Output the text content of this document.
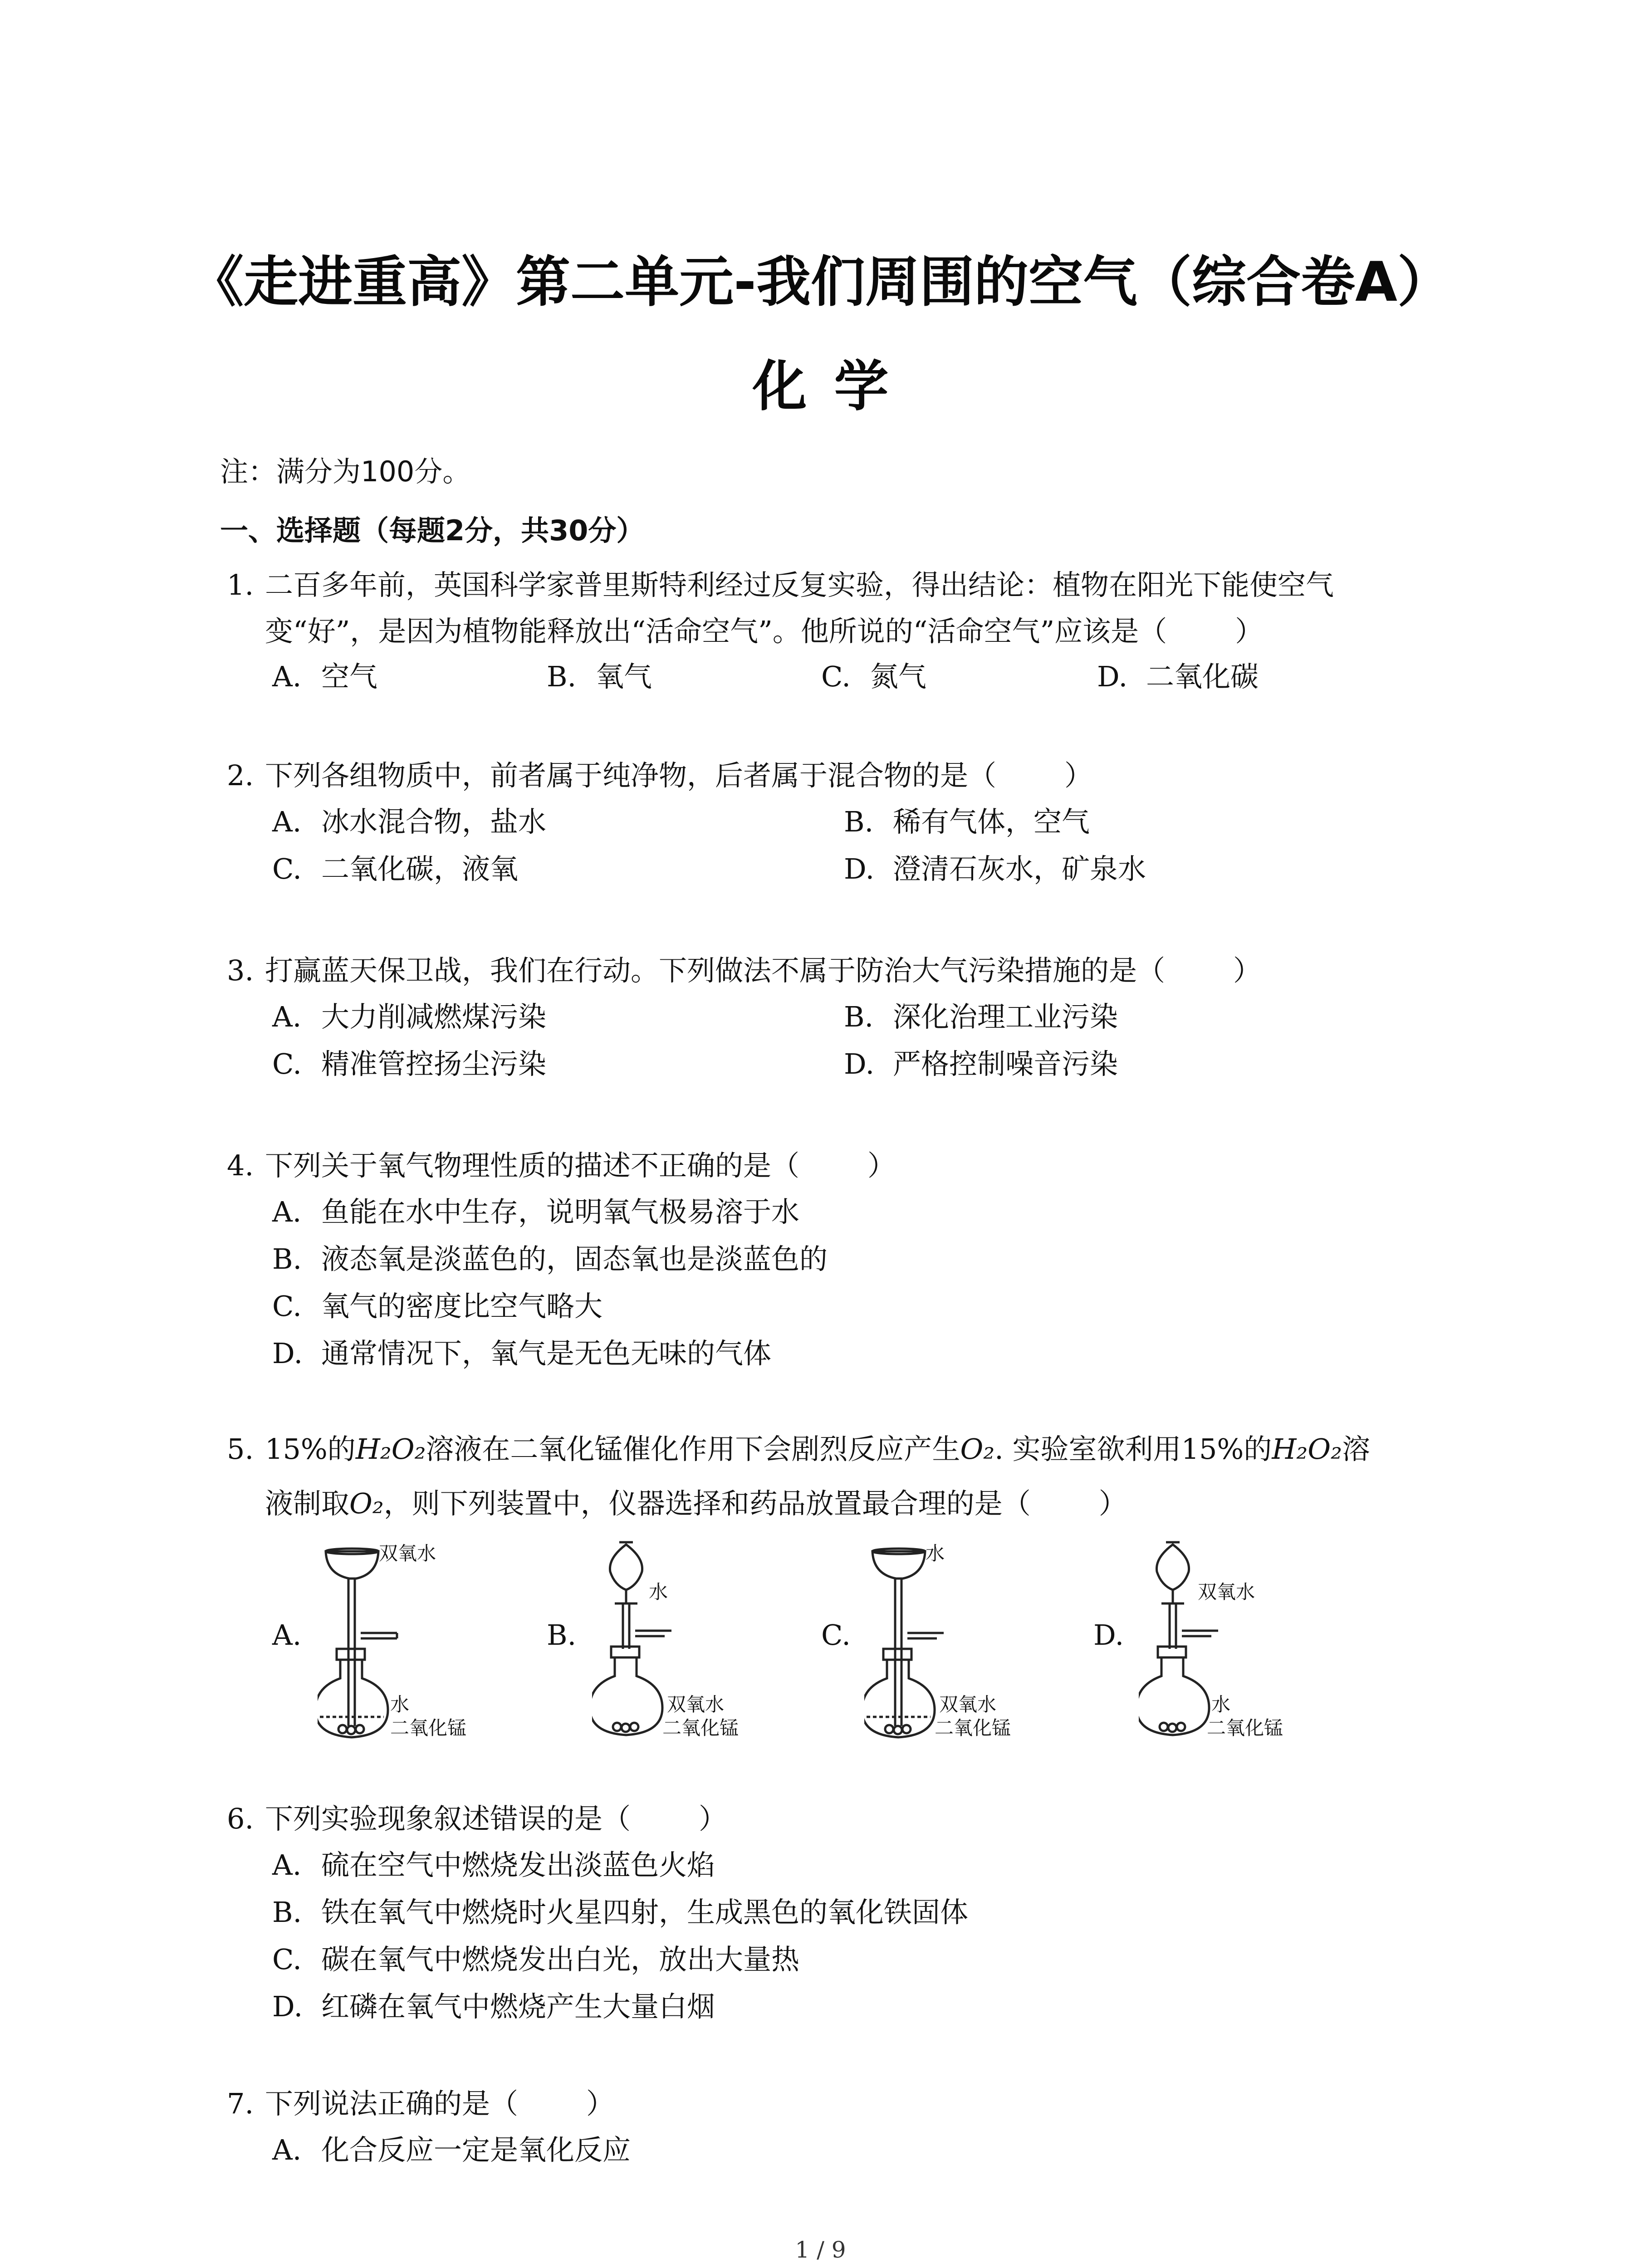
《走进重高》第二单元-我们周围的空气（综合卷A）
化学
注：满分为100分。
一、选择题（每题2分，共30分）
1. 二百多年前，英国科学家普里斯特利经过反复实验，得出结论：植物在阳光下能使空气
变“好”，是因为植物能释放出“活命空气”。他所说的“活命空气”应该是（ ）
A. 空气	B. 氧气	C. 氮气	D. 二氧化碳
2. 下列各组物质中，前者属于纯净物，后者属于混合物的是（ ）
A. 冰水混合物，盐水	B. 稀有气体，空气
C. 二氧化碳，液氧	D. 澄清石灰水，矿泉水
3. 打赢蓝天保卫战，我们在行动。下列做法不属于防治大气污染措施的是（ ）
A. 大力削减燃煤污染	B. 深化治理工业污染
C. 精准管控扬尘污染	D. 严格控制噪音污染
4. 下列关于氧气物理性质的描述不正确的是（ ）
A. 鱼能在水中生存，说明氧气极易溶于水
B. 液态氧是淡蓝色的，固态氧也是淡蓝色的
C. 氧气的密度比空气略大
D. 通常情况下，氧气是无色无味的气体
5. 15%的H₂O₂溶液在二氧化锰催化作用下会剧烈反应产生O₂. 实验室欲利用15%的H₂O₂溶
液制取O₂，则下列装置中，仪器选择和药品放置最合理的是（ ）
A.
双氧水
水
二氧化锰
B.
水
双氧水
二氧化锰
C.
水
双氧水
二氧化锰
D.
双氧水
水
二氧化锰
6. 下列实验现象叙述错误的是（ ）
A. 硫在空气中燃烧发出淡蓝色火焰
B. 铁在氧气中燃烧时火星四射，生成黑色的氧化铁固体
C. 碳在氧气中燃烧发出白光，放出大量热
D. 红磷在氧气中燃烧产生大量白烟
7. 下列说法正确的是（ ）
A. 化合反应一定是氧化反应
1 / 9
